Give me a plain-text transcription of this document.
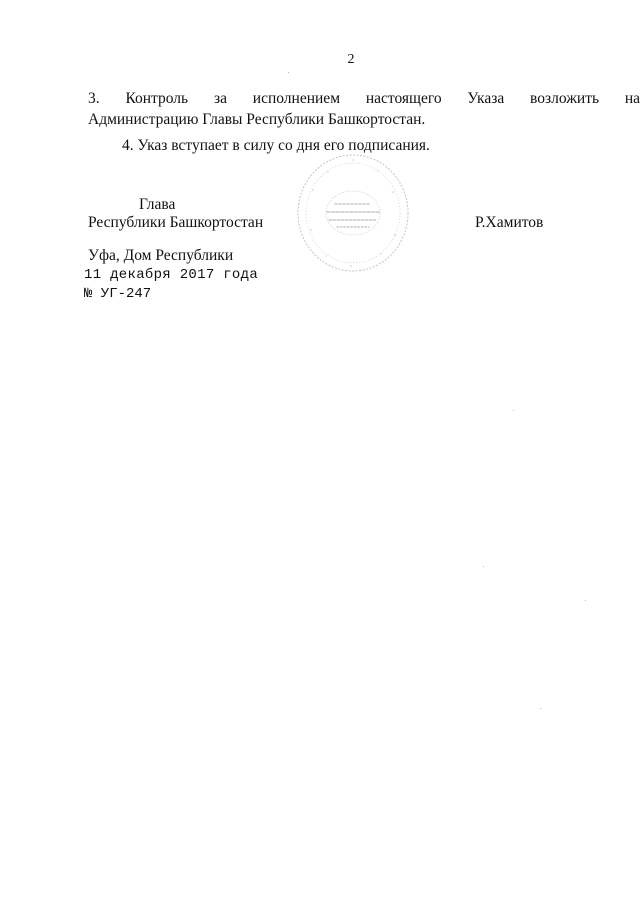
2
3. Контроль за исполнением настоящего Указа возложить на
Администрацию Главы Республики Башкортостан.
4. Указ вступает в силу со дня его подписания.
Глава
Республики Башкортостан	Р.Хамитов
Уфа, Дом Республики
11 декабря 2017 года
№ УГ-247
